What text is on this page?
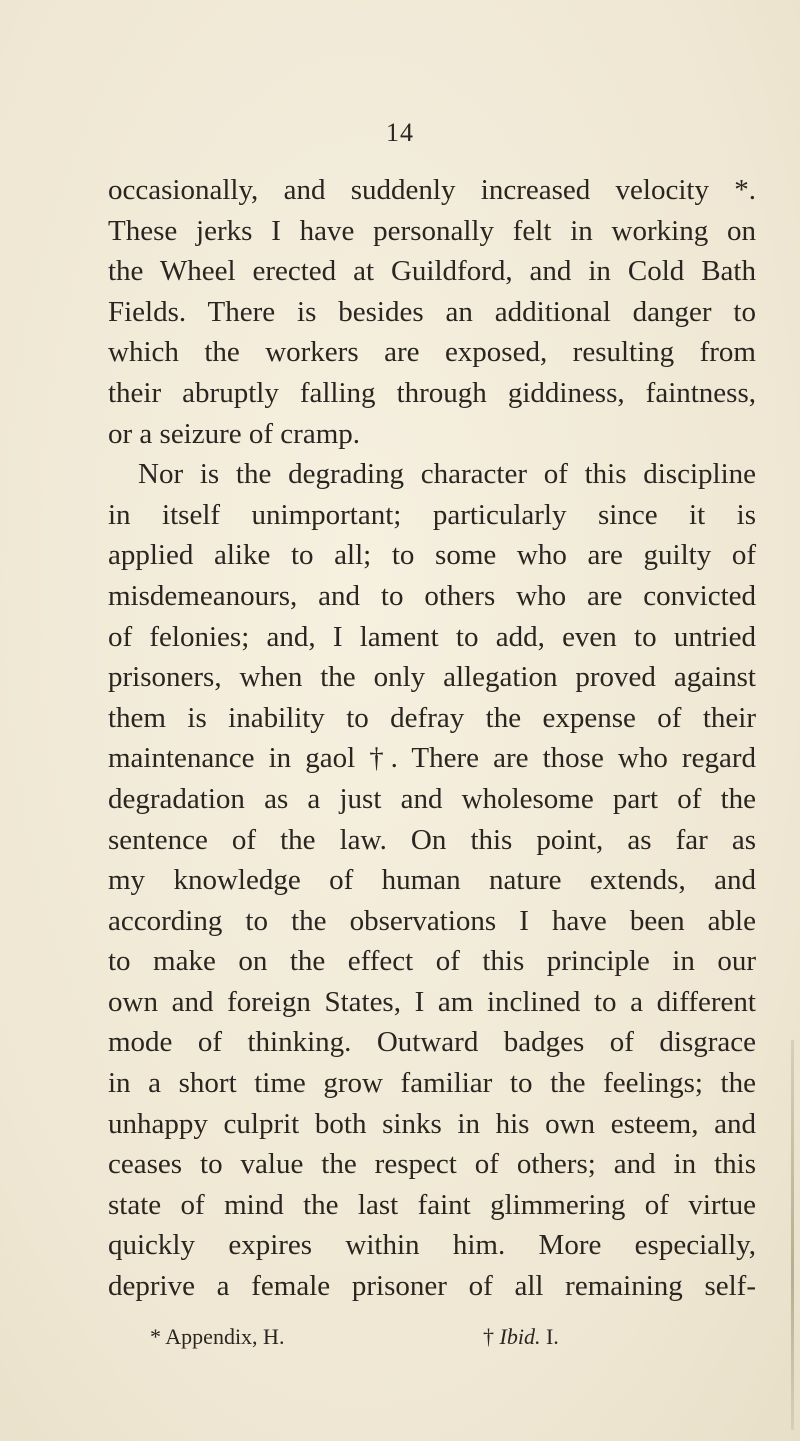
14
occasionally, and suddenly increased velocity *.
These jerks I have personally felt in working on
the Wheel erected at Guildford, and in Cold Bath
Fields. There is besides an additional danger to
which the workers are exposed, resulting from
their abruptly falling through giddiness, faintness,
or a seizure of cramp.
Nor is the degrading character of this discipline
in itself unimportant; particularly since it is
applied alike to all; to some who are guilty of
misdemeanours, and to others who are convicted
of felonies; and, I lament to add, even to untried
prisoners, when the only allegation proved against
them is inability to defray the expense of their
maintenance in gaol †. There are those who regard
degradation as a just and wholesome part of the
sentence of the law. On this point, as far as
my knowledge of human nature extends, and
according to the observations I have been able
to make on the effect of this principle in our
own and foreign States, I am inclined to a different
mode of thinking. Outward badges of disgrace
in a short time grow familiar to the feelings; the
unhappy culprit both sinks in his own esteem, and
ceases to value the respect of others; and in this
state of mind the last faint glimmering of virtue
quickly expires within him. More especially,
deprive a female prisoner of all remaining self-
* Appendix, H.	† Ibid. I.
